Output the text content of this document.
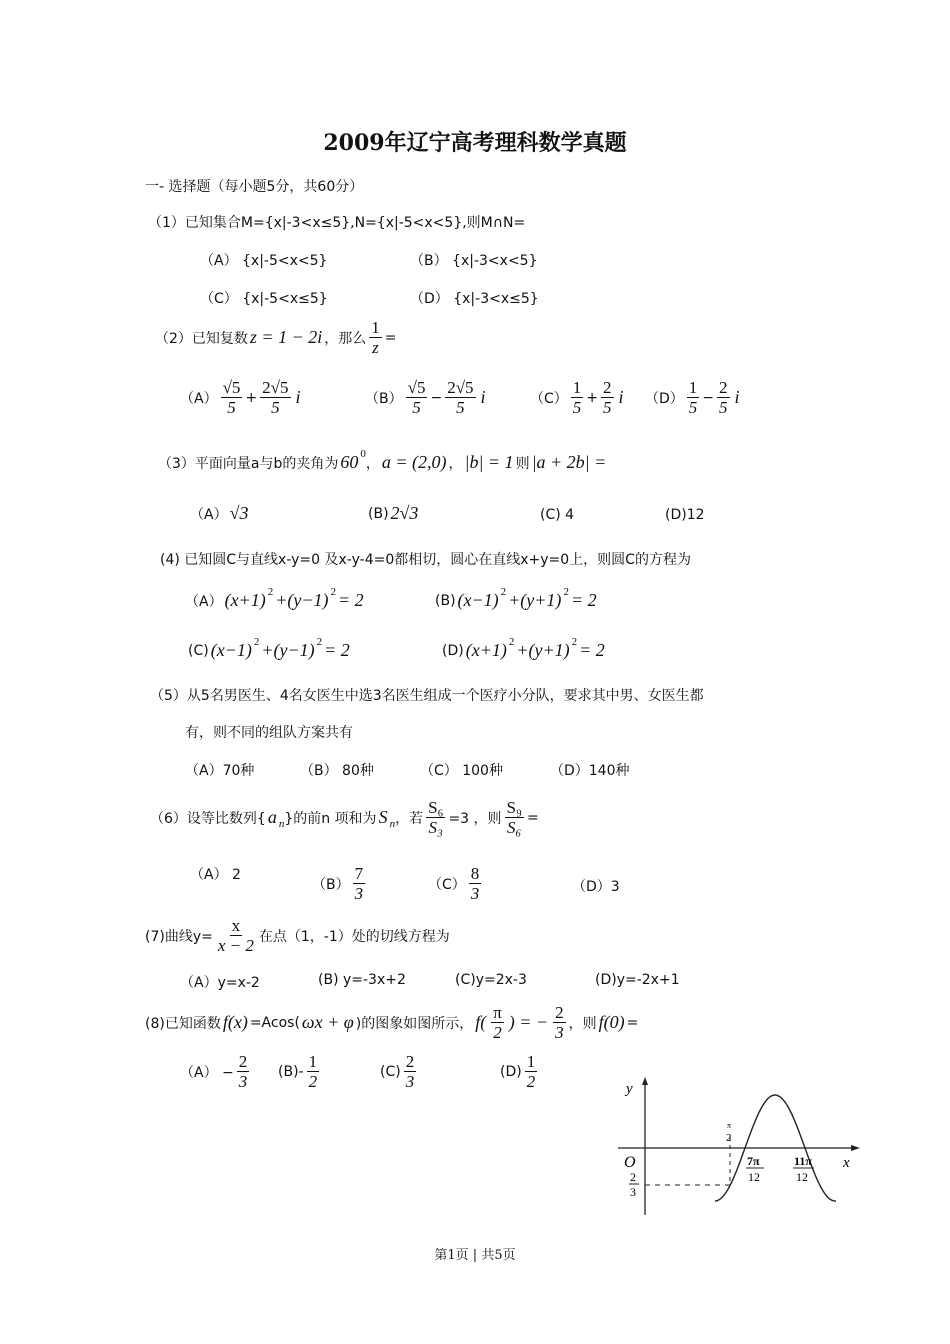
2009年辽宁高考理科数学真题
一- 选择题（每小题5分，共60分）
（1）已知集合M={x|-3<x≤5},N={x|-5<x<5},则M∩N=
（A） {x|-5<x<5}	（B） {x|-3<x<5}
（C） {x|-5<x≤5}	（D） {x|-3<x≤5}
（2）已知复数 z = 1 − 2i ，那么 $\frac{1}{z}$ =
$(A) \frac{√5}{5} + \frac{2√5}{5}$ i	$(B) \frac{√5}{5} - \frac{2√5}{5}$ i	$(C) \frac{1}{5} + \frac{2}{5}$ i $(D) \frac{1}{5} - \frac{2}{5}$ i
（3）平面向量a与b的夹角为 60 0
， a = (2,0) ， |b| = 1 则 |a + 2b| =
（A） √3	(B) 2√3	(C) 4	(D)12
(4) 已知圆C与直线x-y=0 及x-y-4=0都相切，圆心在直线x+y=0上，则圆C的方程为
（A） (x+1) 2 +(y−1) 2 = 2	(B) (x−1) 2 +(y+1) 2 = 2
(C) (x−1) 2 +(y−1) 2 = 2	(D) (x+1) 2 +(y+1) 2 = 2
（5）从5名男医生、4名女医生中选3名医生组成一个医疗小分队，要求其中男、女医生都
有，则不同的组队方案共有
（A）70种	（B） 80种	（C） 100种	（D）140种
（6）设等比数列{ a n }的前n 项和为 S n ，若 $\frac{\text{S₆}}{\text{S₃}} =3$ ，则 $\frac{\text{S₉}}{\text{S₆}}$ =
（A） 2
$(B) \frac{7}{3}$	$(C) \frac{8}{3}$	（D）3
(7)曲线$y= \frac{x}{x - 2}$ 在点（1，-1）处的切线方程为
（A）y=x-2	(B) y=-3x+2	(C)y=2x-3	(D)y=-2x+1
(8)已知函数 f(x) =Acos( ωx + φ )的图象如图所示， $f( \frac{\pi}{2}$ ) = − $\frac{2}{3}$ ，则 f(0) =
$(A) - \frac{2}{3} (B)- \frac{1}{2}$	$(C) \frac{2}{3}$	$(D) \frac{1}{2}$	y
x
O
π
2
7π
12
11π
12
2
3
第1页 | 共5页
